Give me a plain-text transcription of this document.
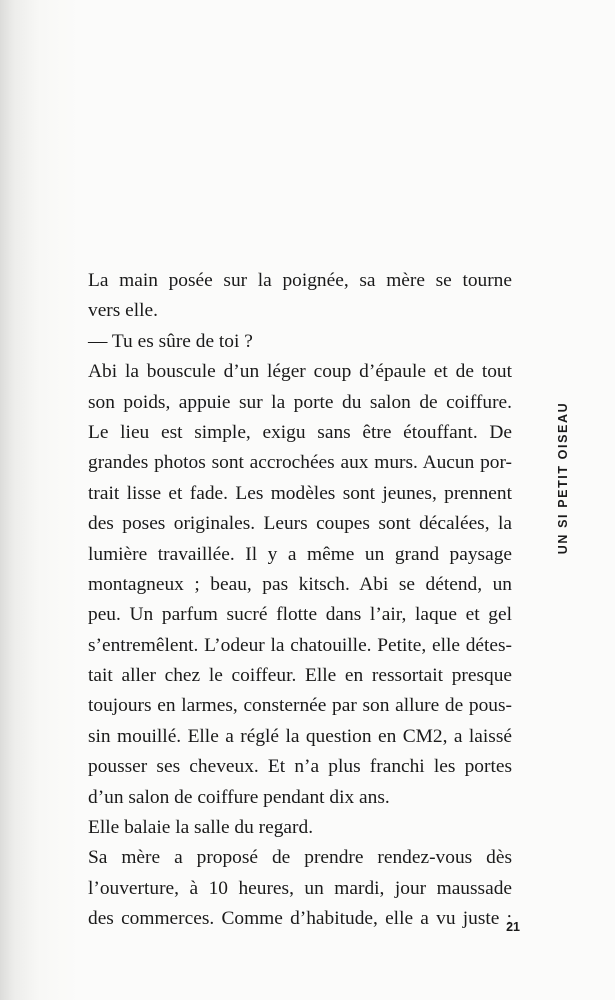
La main posée sur la poignée, sa mère se tourne
vers elle.
— Tu es sûre de toi ?
Abi la bouscule d’un léger coup d’épaule et de tout
son poids, appuie sur la porte du salon de coiffure.
Le lieu est simple, exigu sans être étouffant. De
grandes photos sont accrochées aux murs. Aucun por-
trait lisse et fade. Les modèles sont jeunes, prennent
des poses originales. Leurs coupes sont décalées, la
lumière travaillée. Il y a même un grand paysage
montagneux ; beau, pas kitsch. Abi se détend, un
peu. Un parfum sucré flotte dans l’air, laque et gel
s’entremêlent. L’odeur la chatouille. Petite, elle détes-
tait aller chez le coiffeur. Elle en ressortait presque
toujours en larmes, consternée par son allure de pous-
sin mouillé. Elle a réglé la question en CM2, a laissé
pousser ses cheveux. Et n’a plus franchi les portes
d’un salon de coiffure pendant dix ans.
Elle balaie la salle du regard.
Sa mère a proposé de prendre rendez-vous dès
l’ouverture, à 10 heures, un mardi, jour maussade
des commerces. Comme d’habitude, elle a vu juste :
UN SI PETIT OISEAU
21
